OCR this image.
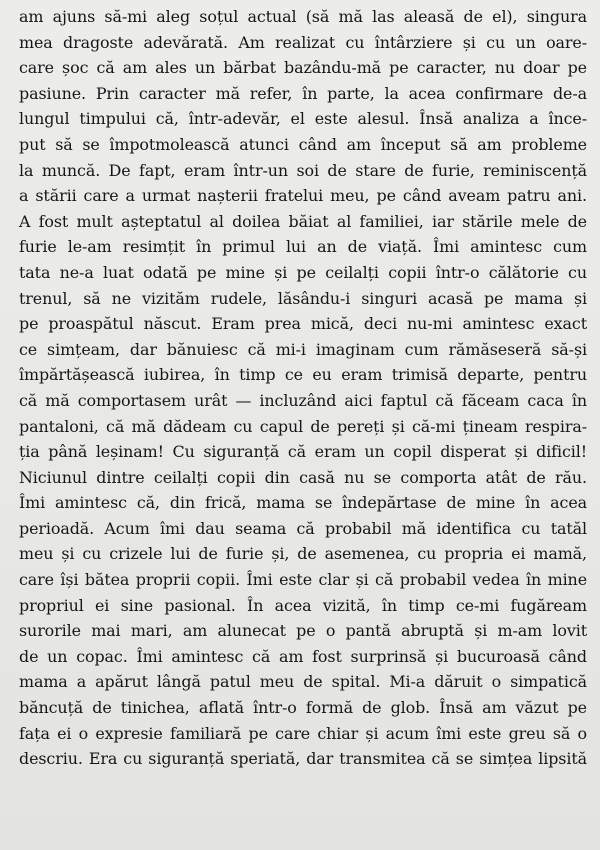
am ajuns să-mi aleg soțul actual (să mă las aleasă de el), singura
mea dragoste adevărată. Am realizat cu întârziere și cu un oare-
care șoc că am ales un bărbat bazându-mă pe caracter, nu doar pe
pasiune. Prin caracter mă refer, în parte, la acea confirmare de-a
lungul timpului că, într-adevăr, el este alesul. Însă analiza a înce-
put să se împotmolească atunci când am început să am probleme
la muncă. De fapt, eram într-un soi de stare de furie, reminiscență
a stării care a urmat nașterii fratelui meu, pe când aveam patru ani.
A fost mult așteptatul al doilea băiat al familiei, iar stările mele de
furie le-am resimțit în primul lui an de viață. Îmi amintesc cum
tata ne-a luat odată pe mine și pe ceilalți copii într-o călătorie cu
trenul, să ne vizităm rudele, lăsându-i singuri acasă pe mama și
pe proaspătul născut. Eram prea mică, deci nu-mi amintesc exact
ce simțeam, dar bănuiesc că mi-i imaginam cum rămăseseră să-și
împărtășească iubirea, în timp ce eu eram trimisă departe, pentru
că mă comportasem urât — incluzând aici faptul că făceam caca în
pantaloni, că mă dădeam cu capul de pereți și că-mi țineam respira-
ția până leșinam! Cu siguranță că eram un copil disperat și dificil!
Niciunul dintre ceilalți copii din casă nu se comporta atât de rău.
Îmi amintesc că, din frică, mama se îndepărtase de mine în acea
perioadă. Acum îmi dau seama că probabil mă identifica cu tatăl
meu și cu crizele lui de furie și, de asemenea, cu propria ei mamă,
care își bătea proprii copii. Îmi este clar și că probabil vedea în mine
propriul ei sine pasional. În acea vizită, în timp ce-mi fugăream
surorile mai mari, am alunecat pe o pantă abruptă și m-am lovit
de un copac. Îmi amintesc că am fost surprinsă și bucuroasă când
mama a apărut lângă patul meu de spital. Mi-a dăruit o simpatică
băncuță de tinichea, aflată într-o formă de glob. Însă am văzut pe
fața ei o expresie familiară pe care chiar și acum îmi este greu să o
descriu. Era cu siguranță speriată, dar transmitea că se simțea lipsită
